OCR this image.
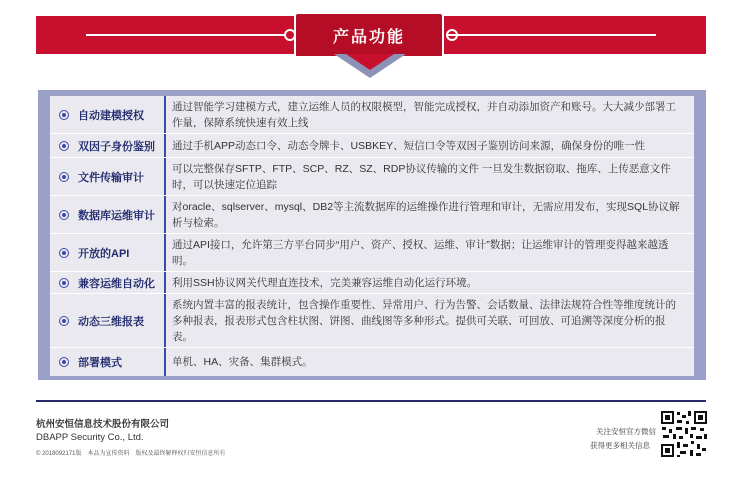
产品功能
自动建模授权
通过智能学习建模方式，建立运维人员的权限模型，智能完成授权，并自动添加资产和账号。大大减少部署工作量，保障系统快速有效上线
双因子身份鉴别 通过手机APP动态口令、动态令牌卡、USBKEY、短信口令等双因子鉴别访问来源，确保身份的唯一性
文件传输审计
可以完整保存SFTP、FTP、SCP、RZ、SZ、RDP协议传输的文件 一旦发生数据窃取、拖库、上传恶意文件时，可以快速定位追踪
数据库运维审计
对oracle、sqlserver、mysql、DB2等主流数据库的运维操作进行管理和审计，无需应用发布，实现SQL协议解析与检索。
开放的API
通过API接口，允许第三方平台同步“用户、资产、授权、运维、审计”数据；让运维审计的管理变得越来越透明。
兼容运维自动化 利用SSH协议网关代理直连技术，完美兼容运维自动化运行环境。
动态三维报表
系统内置丰富的报表统计，包含操作重要性、异常用户、行为告警、会话数量、法律法规符合性等维度统计的多种报表，报表形式包含柱状图、饼图、曲线图等多种形式。提供可关联、可回放、可追溯等深度分析的报表。
部署模式	单机、HA、灾备、集群模式。
杭州安恒信息技术股份有限公司
DBAPP Security Co., Ltd.
© 2018092171版　本品为宣传资料　版权及最终解释权归安恒信息所有
关注安恒官方微信
获得更多相关信息
